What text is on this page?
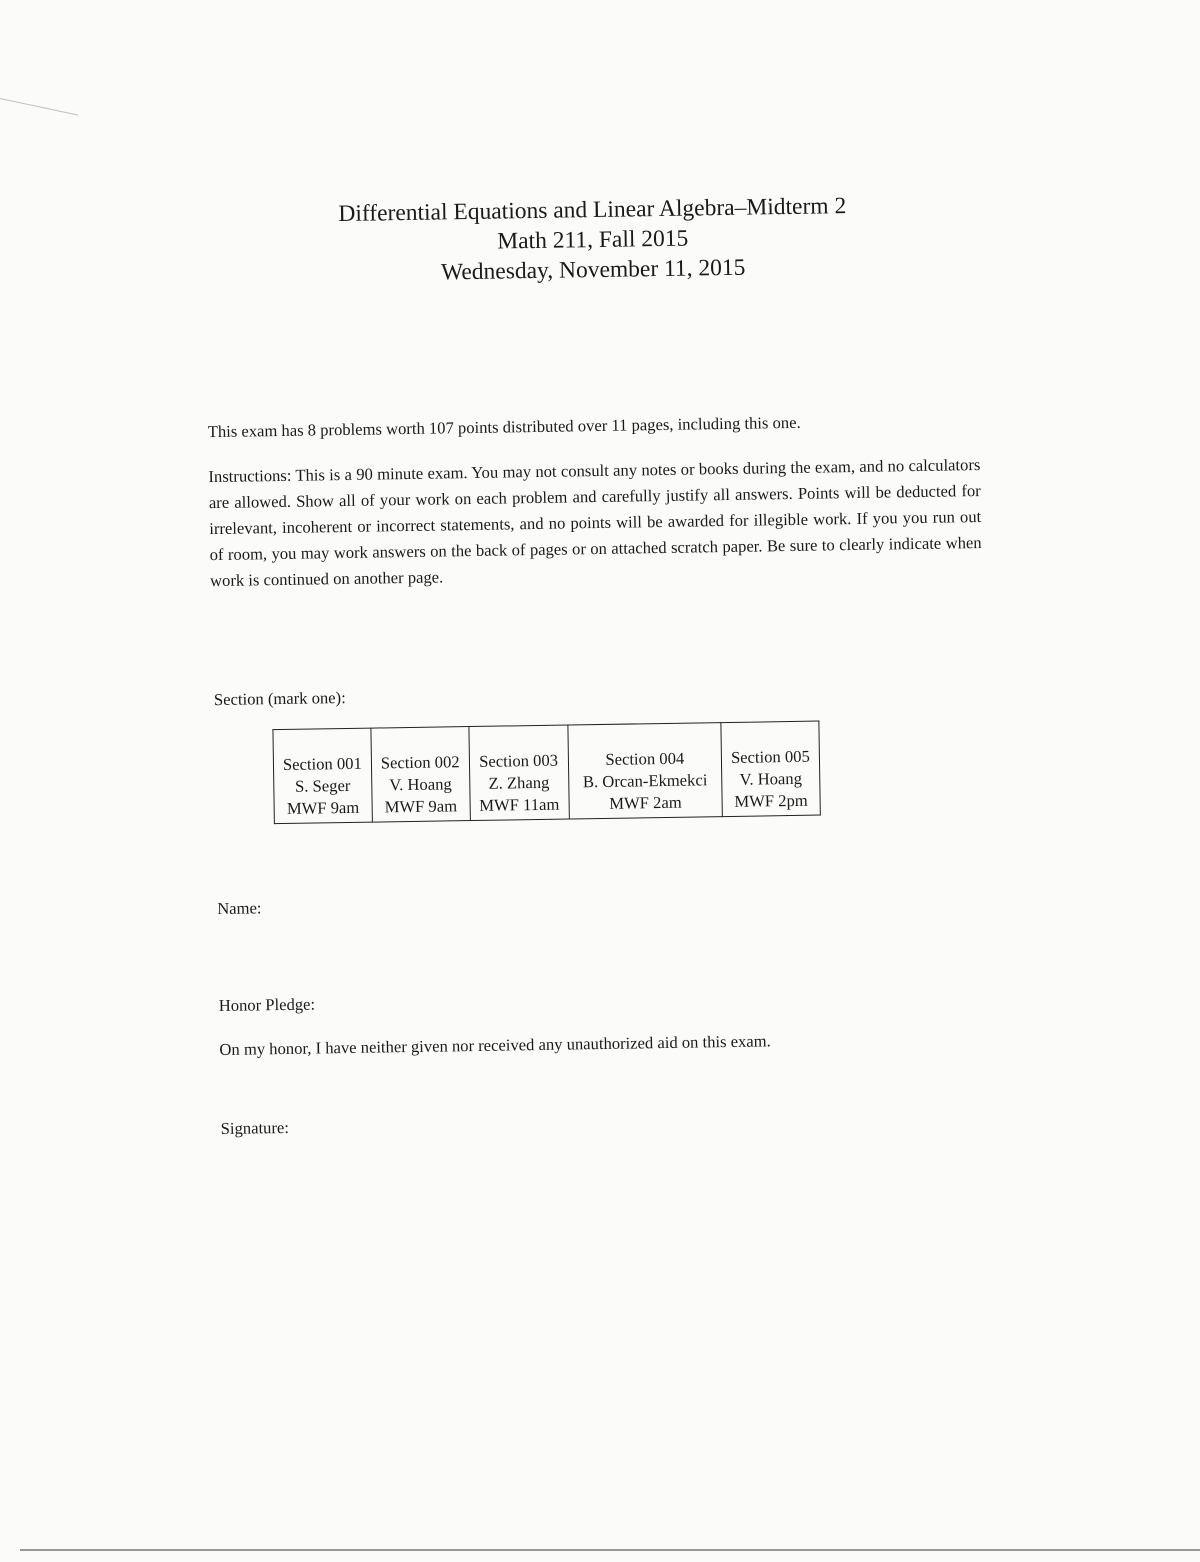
Differential Equations and Linear Algebra–Midterm 2
Math 211, Fall 2015
Wednesday, November 11, 2015
This exam has 8 problems worth 107 points distributed over 11 pages, including this one.
Instructions: This is a 90 minute exam. You may not consult any notes or books during the exam, and no calculators are allowed. Show all of your work on each problem and carefully justify all answers. Points will be deducted for irrelevant, incoherent or incorrect statements, and no points will be awarded for illegible work. If you you run out of room, you may work answers on the back of pages or on attached scratch paper. Be sure to clearly indicate when work is continued on another page.
Section (mark one):
Section 001
S. Seger
MWF 9am

Section 002
V. Hoang
MWF 9am

Section 003
Z. Zhang
MWF 11am

Section 004
B. Orcan-Ekmekci
MWF 2am

Section 005
V. Hoang
MWF 2pm
Name:
Honor Pledge:
On my honor, I have neither given nor received any unauthorized aid on this exam.
Signature:
